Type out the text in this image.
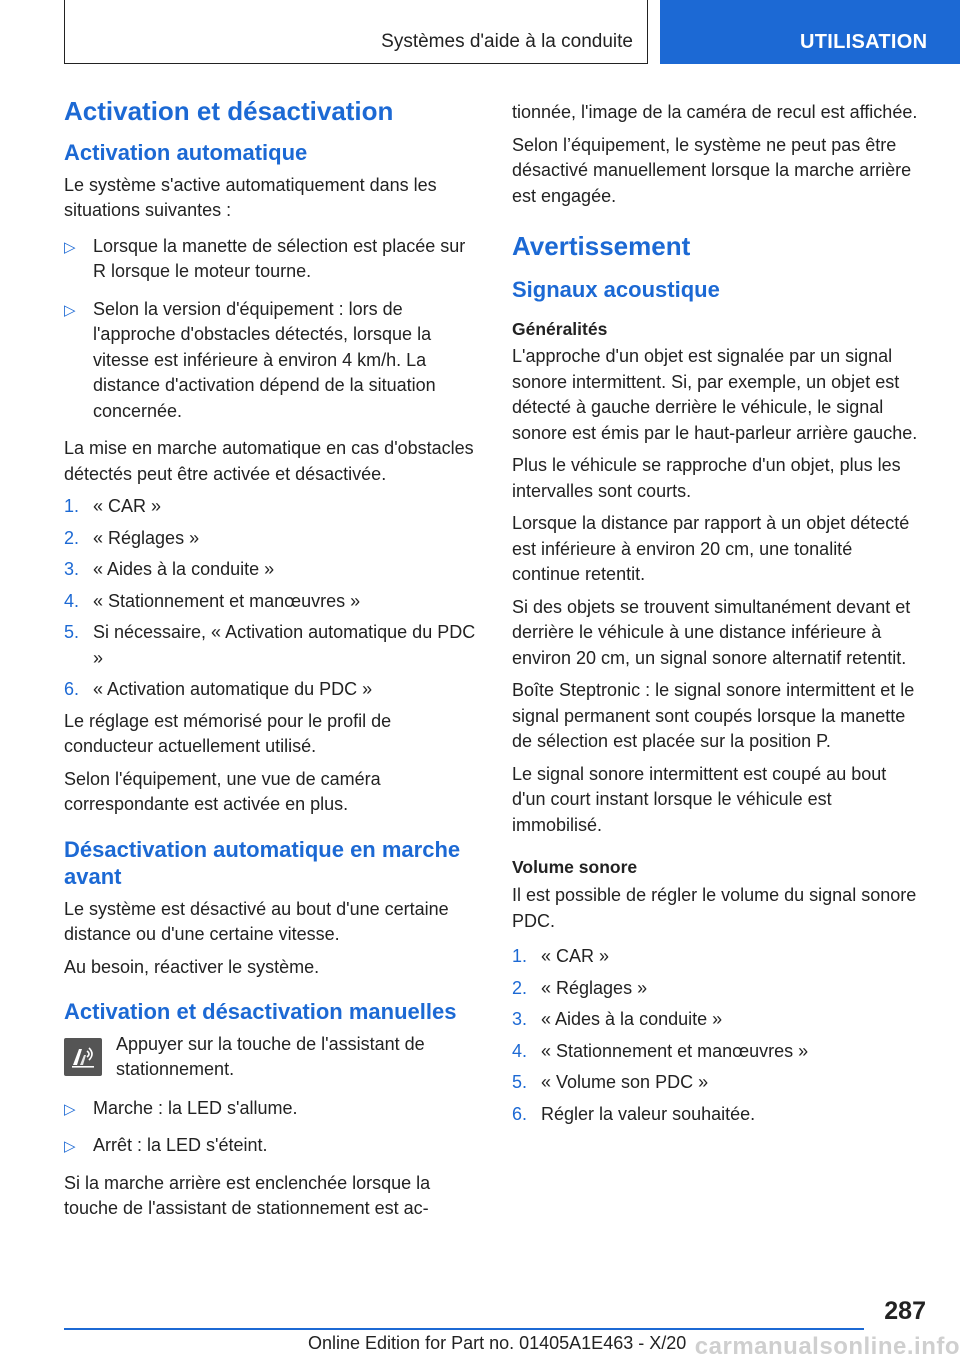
Systèmes d'aide à la conduite	UTILISATION
Activation et désactivation
Activation automatique

Le système s'active automatiquement dans les situations suivantes :

▷ Lorsque la manette de sélection est placée sur R lorsque le moteur tourne.
▷ Selon la version d'équipement : lors de l'approche d'obstacles détectés, lorsque la vitesse est inférieure à environ 4 km/h. La distance d'activation dépend de la situation concernée.

La mise en marche automatique en cas d'obstacles détectés peut être activée et désactivée.

1. « CAR »
2. « Réglages »
3. « Aides à la conduite »
4. « Stationnement et manœuvres »
5. Si nécessaire, « Activation automatique du PDC »
6. « Activation automatique du PDC »

Le réglage est mémorisé pour le profil de conducteur actuellement utilisé.

Selon l'équipement, une vue de caméra correspondante est activée en plus.

Désactivation automatique en marche avant

Le système est désactivé au bout d'une certaine distance ou d'une certaine vitesse.

Au besoin, réactiver le système.

Activation et désactivation manuelles

Appuyer sur la touche de l'assistant de stationnement.

▷ Marche : la LED s'allume.
▷ Arrêt : la LED s'éteint.

Si la marche arrière est enclenchée lorsque la touche de l'assistant de stationnement est ac-

tionnée, l'image de la caméra de recul est affichée.

Selon l’équipement, le système ne peut pas être désactivé manuellement lorsque la marche arrière est engagée.

Avertissement
Signaux acoustique
Généralités

L'approche d'un objet est signalée par un signal sonore intermittent. Si, par exemple, un objet est détecté à gauche derrière le véhicule, le signal sonore est émis par le haut-parleur arrière gauche.

Plus le véhicule se rapproche d'un objet, plus les intervalles sont courts.

Lorsque la distance par rapport à un objet détecté est inférieure à environ 20 cm, une tonalité continue retentit.

Si des objets se trouvent simultanément devant et derrière le véhicule à une distance inférieure à environ 20 cm, un signal sonore alternatif retentit.

Boîte Steptronic : le signal sonore intermittent et le signal permanent sont coupés lorsque la manette de sélection est placée sur la position P.

Le signal sonore intermittent est coupé au bout d'un court instant lorsque le véhicule est immobilisé.

Volume sonore

Il est possible de régler le volume du signal sonore PDC.

1. « CAR »
2. « Réglages »
3. « Aides à la conduite »
4. « Stationnement et manœuvres »
5. « Volume son PDC »
6. Régler la valeur souhaitée.
287
Online Edition for Part no. 01405A1E463 - X/20 carmanualsonline.info
